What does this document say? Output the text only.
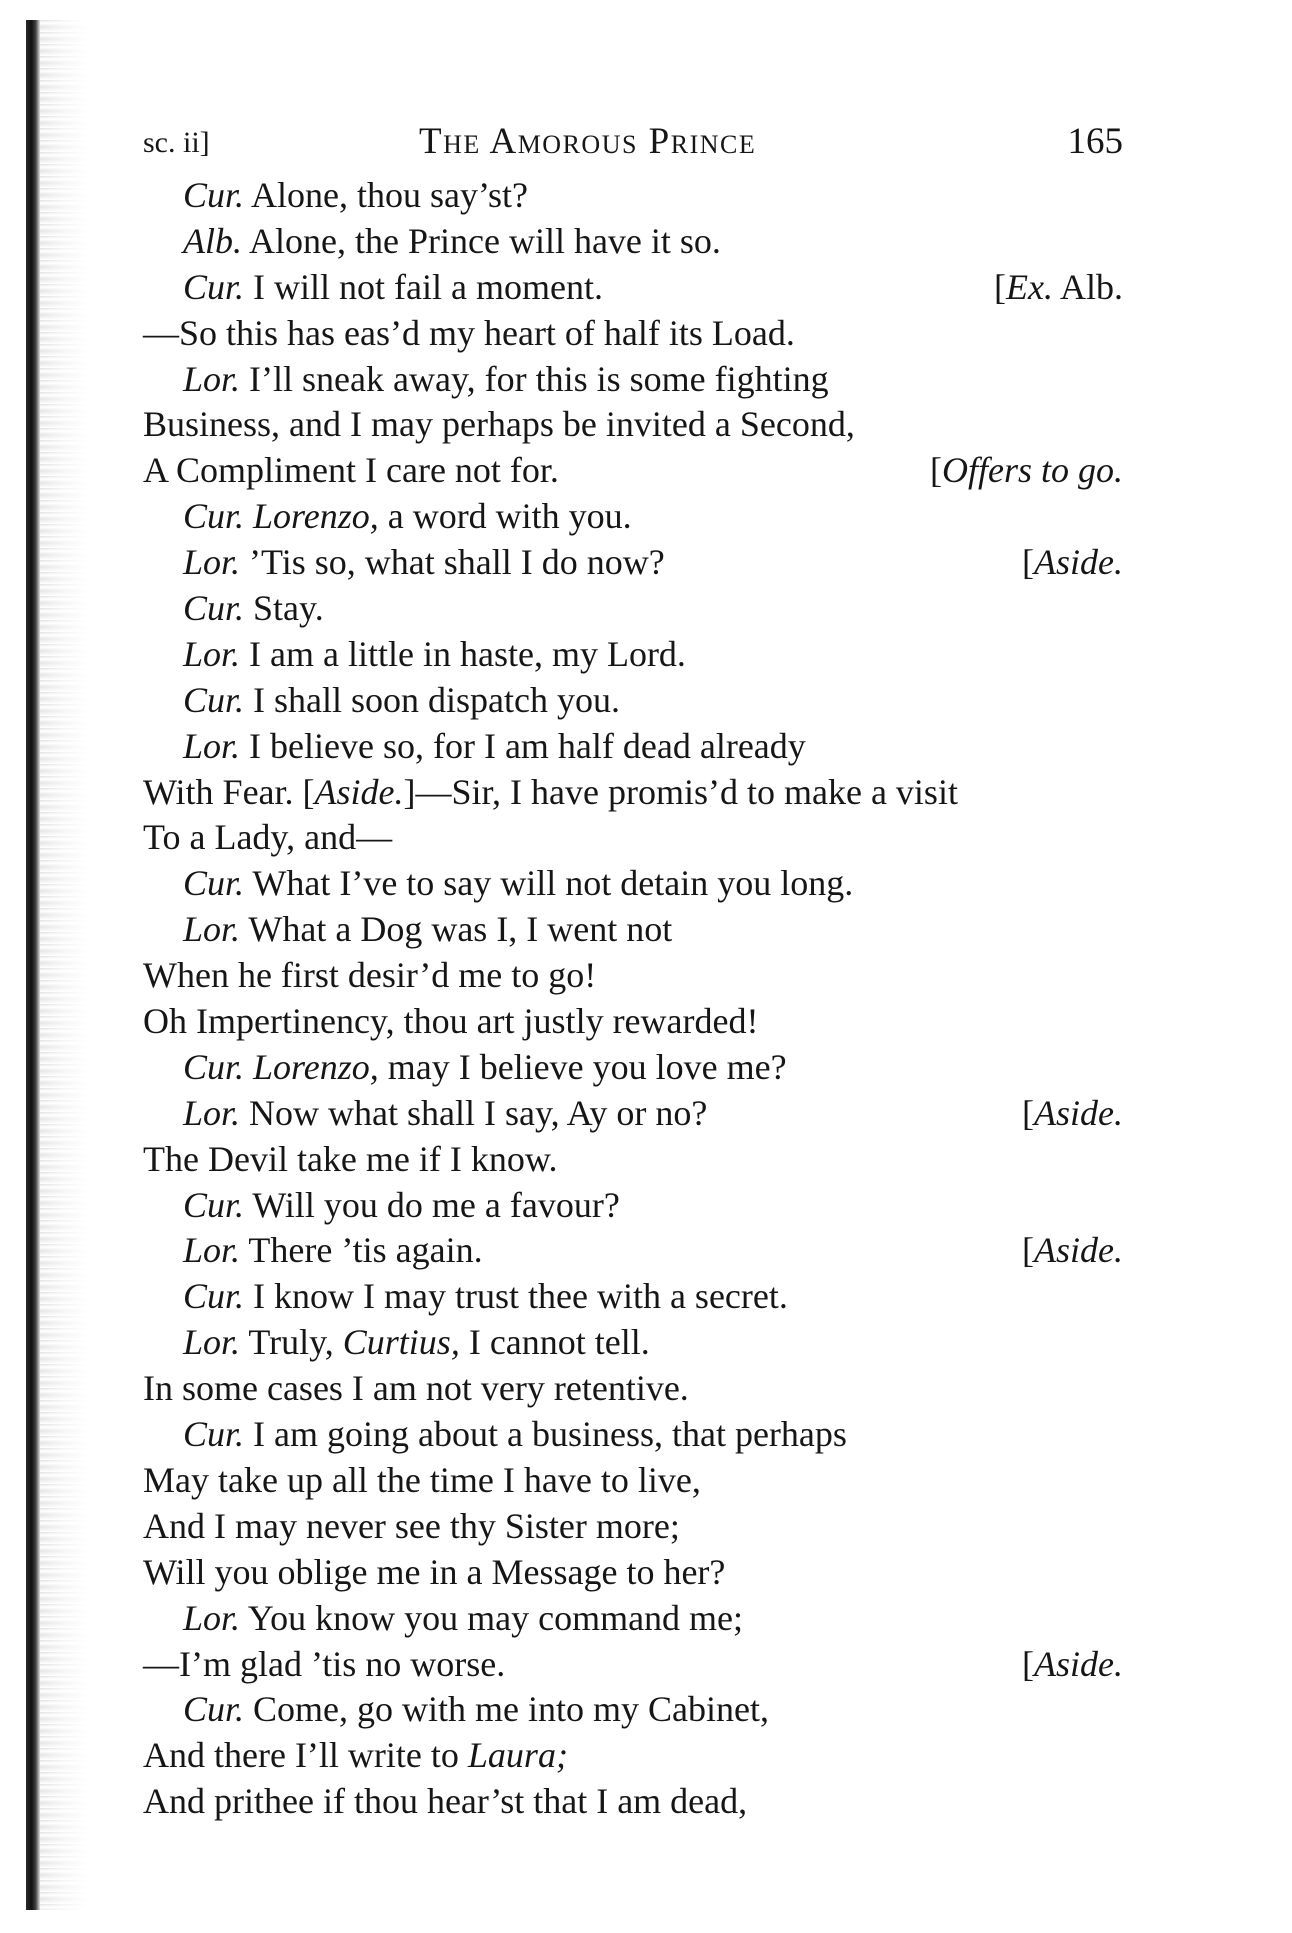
sc. ii]	The Amorous Prince	165
Cur. Alone, thou say’st?
Alb. Alone, the Prince will have it so.
Cur. I will not fail a moment.	[Ex. Alb.
—So this has eas’d my heart of half its Load.
Lor. I’ll sneak away, for this is some fighting
Business, and I may perhaps be invited a Second,
A Compliment I care not for.	[Offers to go.
Cur. Lorenzo, a word with you.
Lor. ’Tis so, what shall I do now?	[Aside.
Cur. Stay.
Lor. I am a little in haste, my Lord.
Cur. I shall soon dispatch you.
Lor. I believe so, for I am half dead already
With Fear. [Aside.]—Sir, I have promis’d to make a visit
To a Lady, and—
Cur. What I’ve to say will not detain you long.
Lor. What a Dog was I, I went not
When he first desir’d me to go!
Oh Impertinency, thou art justly rewarded!
Cur. Lorenzo, may I believe you love me?
Lor. Now what shall I say, Ay or no?	[Aside.
The Devil take me if I know.
Cur. Will you do me a favour?
Lor. There ’tis again.	[Aside.
Cur. I know I may trust thee with a secret.
Lor. Truly, Curtius, I cannot tell.
In some cases I am not very retentive.
Cur. I am going about a business, that perhaps
May take up all the time I have to live,
And I may never see thy Sister more;
Will you oblige me in a Message to her?
Lor. You know you may command me;
—I’m glad ’tis no worse.	[Aside.
Cur. Come, go with me into my Cabinet,
And there I’ll write to Laura;
And prithee if thou hear’st that I am dead,
